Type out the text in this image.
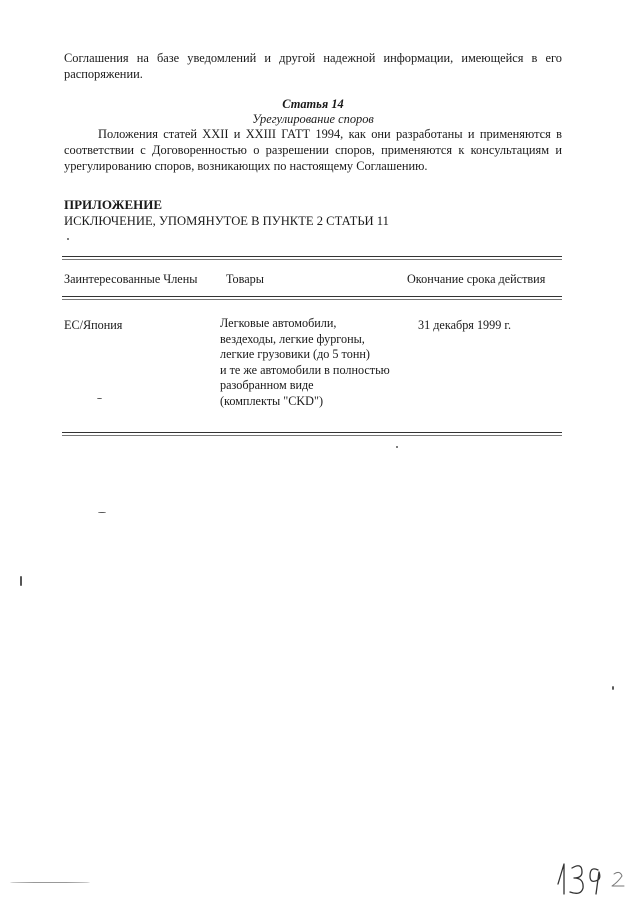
Соглашения на базе уведомлений и другой надежной информации, имеющейся в его распоряжении.
Статья 14
Урегулирование споров
Положения статей XXII и XXIII ГАТТ 1994, как они разработаны и применяются в соответствии с Договоренностью о разрешении споров, применяются к консультациям и урегулированию споров, возникающих по настоящему Соглашению.
ПРИЛОЖЕНИЕ
ИСКЛЮЧЕНИЕ, УПОМЯНУТОЕ В ПУНКТЕ 2 СТАТЬИ 11
Заинтересованные Члены Товары	Окончание срока действия
ЕС/Япония	Легковые автомобили,
вездеходы, легкие фургоны,
легкие грузовики (до 5 тонн)
и те же автомобили в полностью
разобранном виде
(комплекты "CKD")
31 декабря 1999 г.
